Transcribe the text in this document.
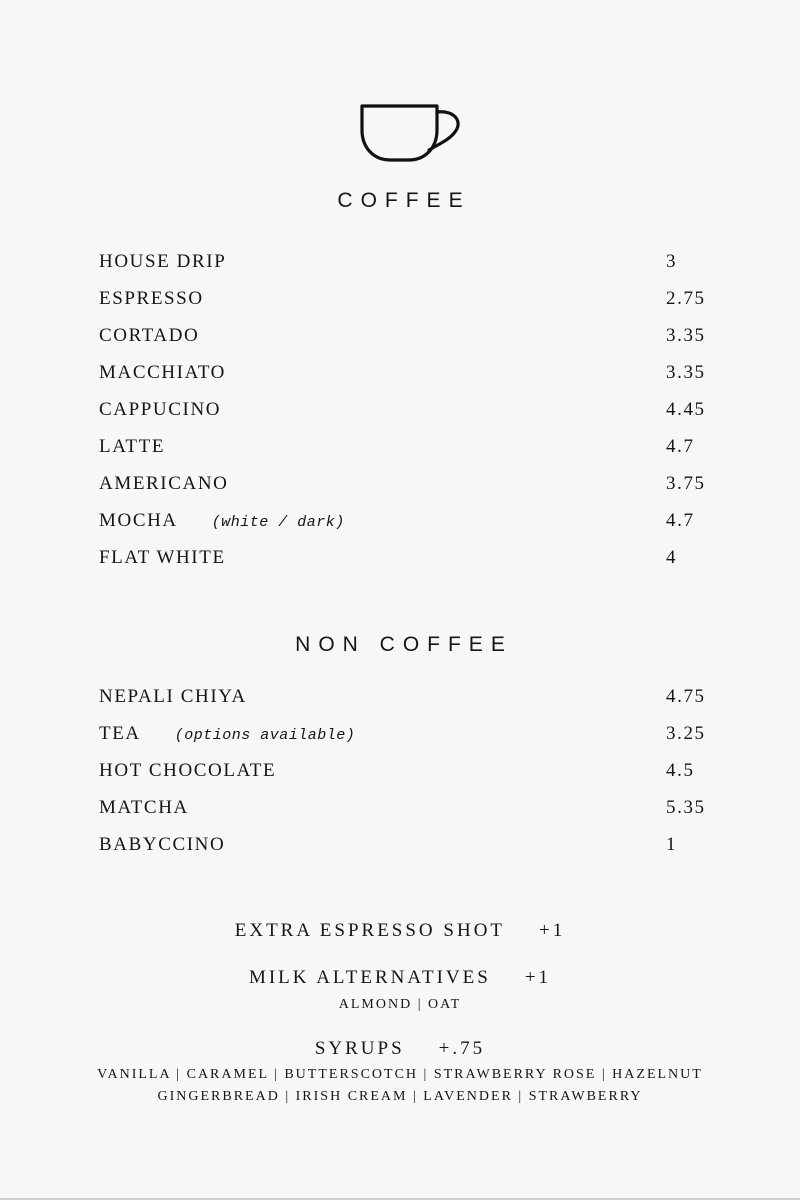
COFFEE
HOUSE DRIP	3
ESPRESSO	2.75
CORTADO	3.35
MACCHIATO	3.35
CAPPUCINO	4.45
LATTE	4.7
AMERICANO	3.75
MOCHA (white / dark)	4.7
FLAT WHITE	4
NON COFFEE
NEPALI CHIYA	4.75
TEA (options available)	3.25
HOT CHOCOLATE	4.5
MATCHA	5.35
BABYCCINO	1

EXTRA ESPRESSO SHOT +1

MILK ALTERNATIVES +1

ALMOND | OAT

SYRUPS +.75

VANILLA | CARAMEL | BUTTERSCOTCH | STRAWBERRY ROSE | HAZELNUT

GINGERBREAD | IRISH CREAM | LAVENDER | STRAWBERRY
